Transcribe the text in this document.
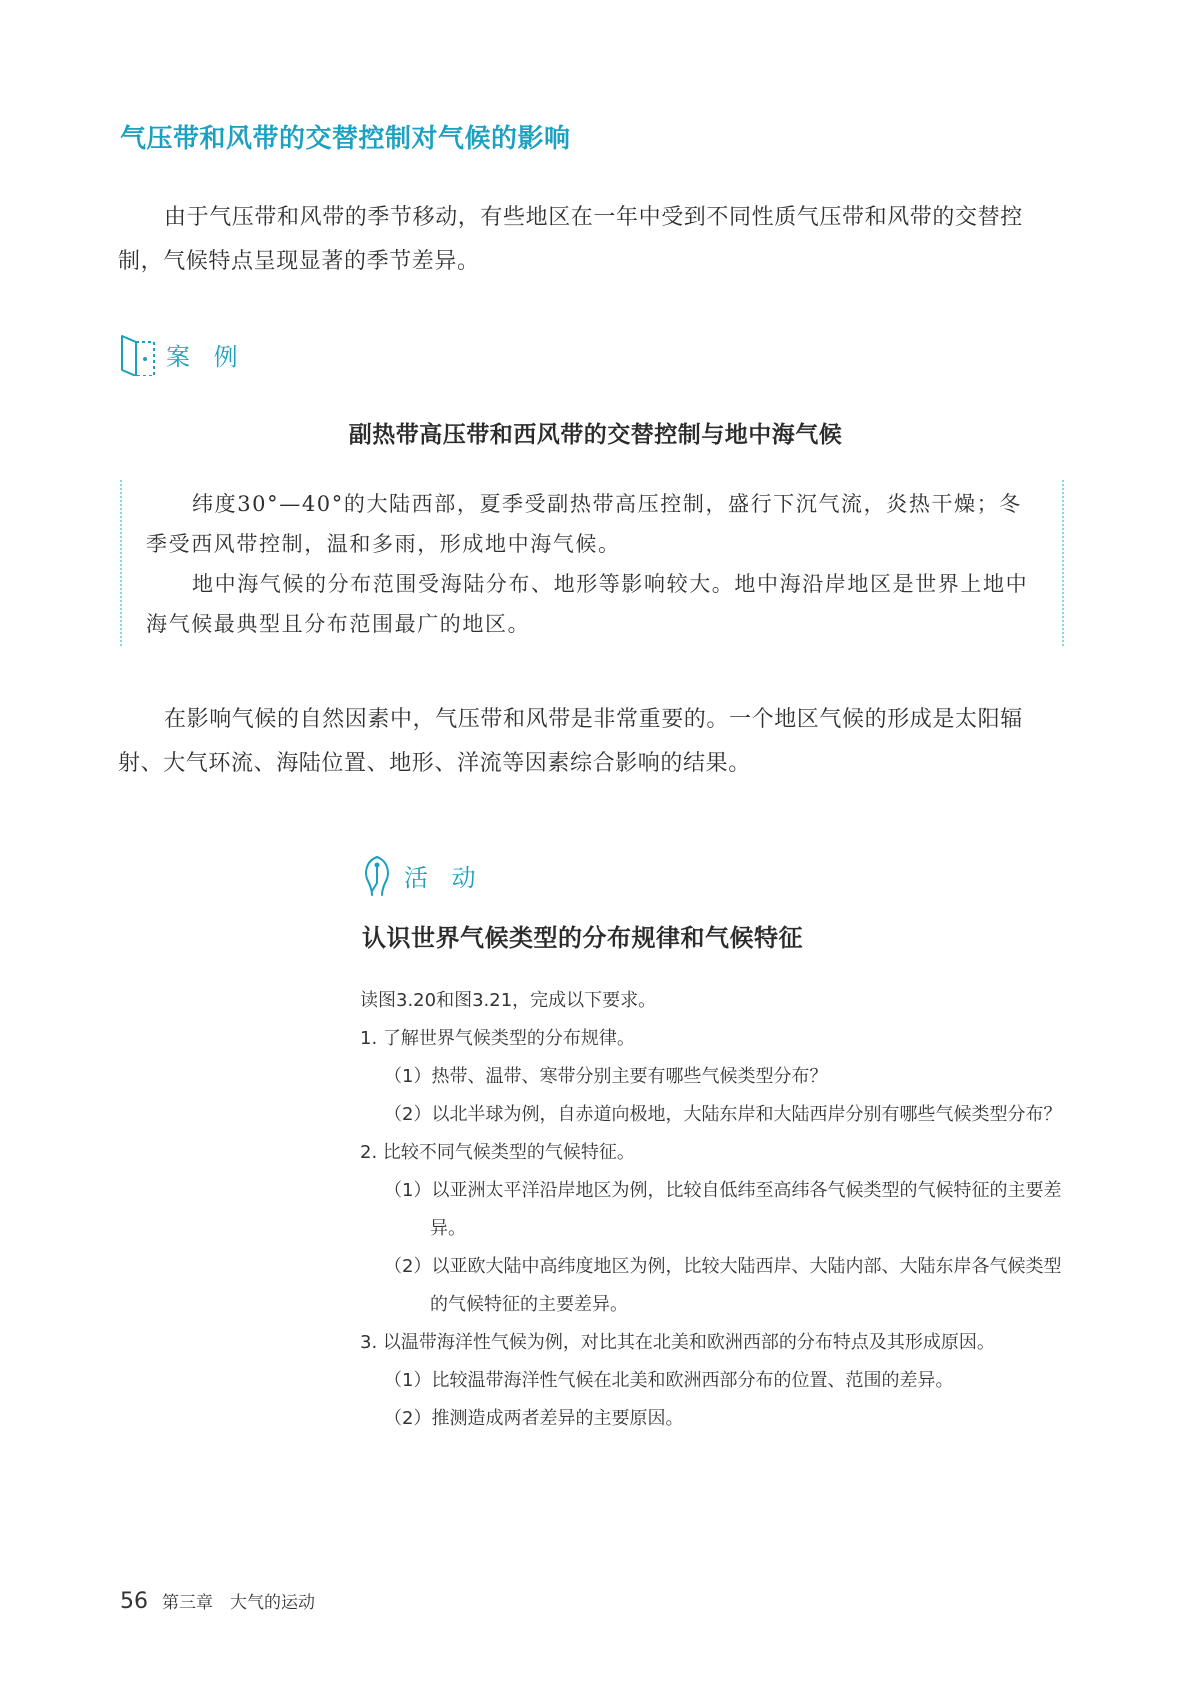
气压带和风带的交替控制对气候的影响
由于气压带和风带的季节移动，有些地区在一年中受到不同性质气压带和风带的交替控制，气候特点呈现显著的季节差异。
案 例
副热带高压带和西风带的交替控制与地中海气候
纬度30°—40°的大陆西部，夏季受副热带高压控制，盛行下沉气流，炎热干燥；冬季受西风带控制，温和多雨，形成地中海气候。
地中海气候的分布范围受海陆分布、地形等影响较大。地中海沿岸地区是世界上地中海气候最典型且分布范围最广的地区。
在影响气候的自然因素中，气压带和风带是非常重要的。一个地区气候的形成是太阳辐射、大气环流、海陆位置、地形、洋流等因素综合影响的结果。
活 动
认识世界气候类型的分布规律和气候特征
读图3.20和图3.21，完成以下要求。
1. 了解世界气候类型的分布规律。
（1）热带、温带、寒带分别主要有哪些气候类型分布？
（2）以北半球为例，自赤道向极地，大陆东岸和大陆西岸分别有哪些气候类型分布？
2. 比较不同气候类型的气候特征。
（1）以亚洲太平洋沿岸地区为例，比较自低纬至高纬各气候类型的气候特征的主要差异。
（2）以亚欧大陆中高纬度地区为例，比较大陆西岸、大陆内部、大陆东岸各气候类型的气候特征的主要差异。
3. 以温带海洋性气候为例，对比其在北美和欧洲西部的分布特点及其形成原因。
（1）比较温带海洋性气候在北美和欧洲西部分布的位置、范围的差异。
（2）推测造成两者差异的主要原因。
56 第三章　大气的运动
